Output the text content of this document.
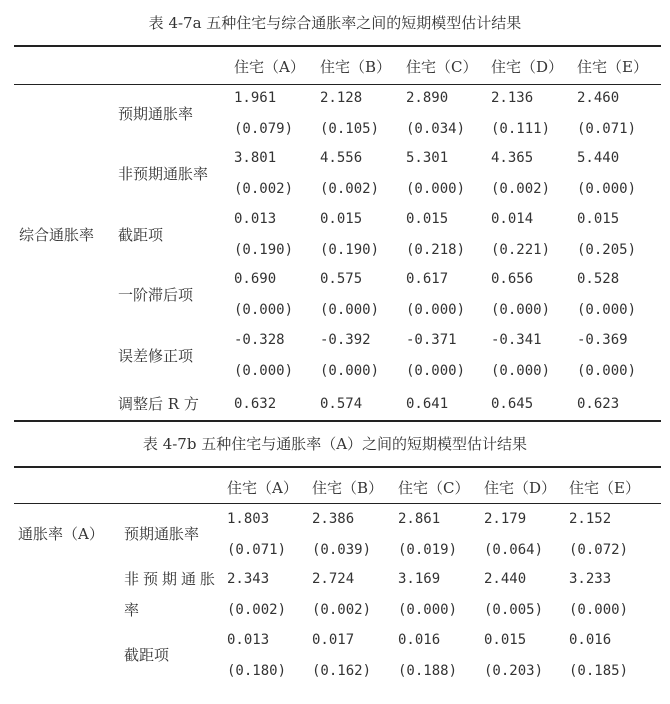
表 4-7a 五种住宅与综合通胀率之间的短期模型估计结果
住宅（A） 住宅（B） 住宅（C） 住宅（D） 住宅（E）
综合通胀率
预期通胀率
1.961	2.128	2.890	2.136	2.460
(0.079) (0.105) (0.034) (0.111) (0.071)
非预期通胀率
3.801	4.556	5.301	4.365	5.440
(0.002) (0.002) (0.000) (0.002) (0.000)
截距项
0.013	0.015	0.015	0.014	0.015
(0.190) (0.190) (0.218) (0.221) (0.205)
一阶滞后项
0.690	0.575	0.617	0.656	0.528
(0.000) (0.000) (0.000) (0.000) (0.000)
误差修正项
-0.328	-0.392	-0.371 -0.341	-0.369
(0.000) (0.000) (0.000) (0.000) (0.000)
调整后 R 方	0.632	0.574	0.641	0.645	0.623
表 4-7b 五种住宅与通胀率（A）之间的短期模型估计结果
住宅（A） 住宅（B） 住宅（C） 住宅（D） 住宅（E）
通胀率（A） 预期通胀率
1.803	2.386	2.861	2.179	2.152
(0.071) (0.039) (0.019) (0.064) (0.072)
非预期通胀
率
2.343	2.724	3.169	2.440	3.233
(0.002) (0.002) (0.000) (0.005) (0.000)
截距项
0.013	0.017	0.016	0.015	0.016
(0.180) (0.162) (0.188) (0.203) (0.185)
